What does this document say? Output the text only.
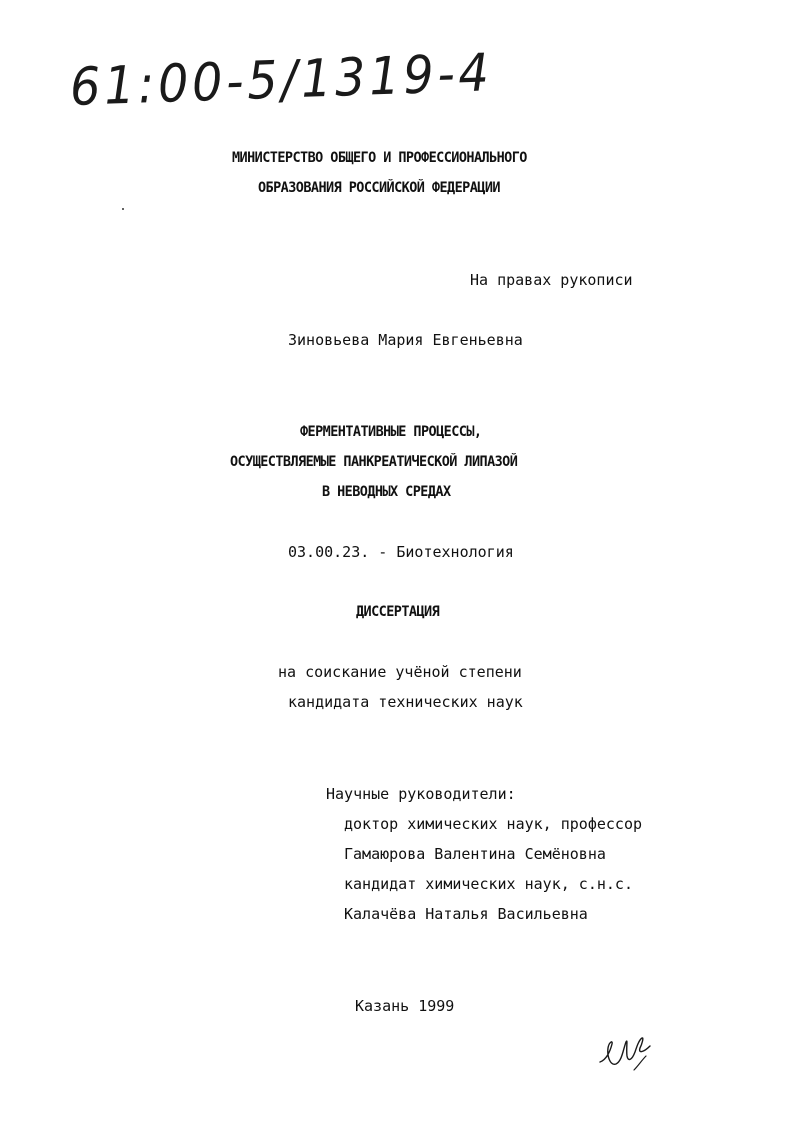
61:00-5/1319-4
МИНИСТЕРСТВО ОБЩЕГО И ПРОФЕССИОНАЛЬНОГО
ОБРАЗОВАНИЯ РОССИЙСКОЙ ФЕДЕРАЦИИ
На правах рукописи
Зиновьева Мария Евгеньевна
ФЕРМЕНТАТИВНЫЕ ПРОЦЕССЫ,
ОСУЩЕСТВЛЯЕМЫЕ ПАНКРЕАТИЧЕСКОЙ ЛИПАЗОЙ
В НЕВОДНЫХ СРЕДАХ
03.00.23. - Биотехнология
ДИССЕРТАЦИЯ
на соискание учёной степени
кандидата технических наук
Научные руководители:
доктор химических наук, профессор
Гамаюрова Валентина Семёновна
кандидат химических наук, с.н.с.
Калачёва Наталья Васильевна
Казань 1999
